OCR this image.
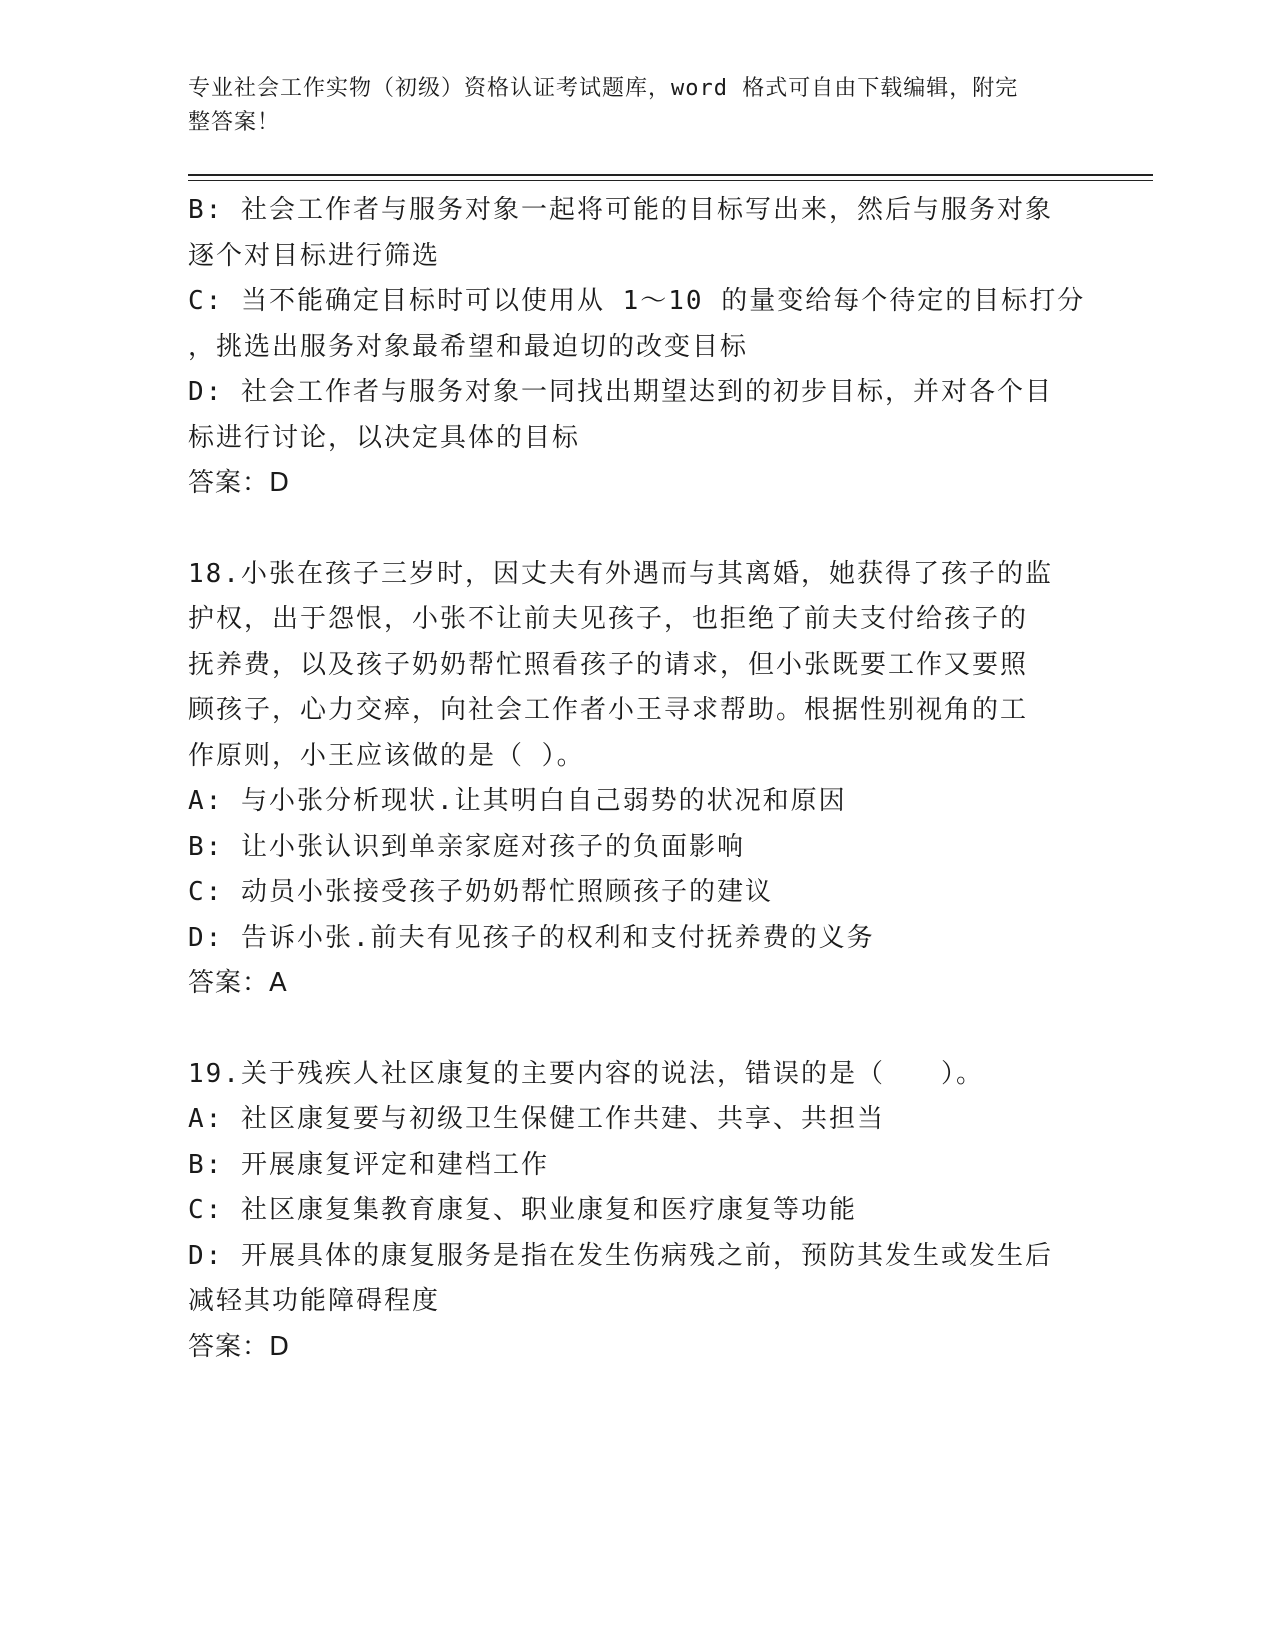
专业社会工作实物（初级）资格认证考试题库，word 格式可自由下载编辑，附完
整答案！
B: 社会工作者与服务对象一起将可能的目标写出来，然后与服务对象
逐个对目标进行筛选
C: 当不能确定目标时可以使用从 1～10 的量变给每个待定的目标打分
，挑选出服务对象最希望和最迫切的改变目标
D: 社会工作者与服务对象一同找出期望达到的初步目标，并对各个目
标进行讨论，以决定具体的目标
答案：D
18.小张在孩子三岁时，因丈夫有外遇而与其离婚，她获得了孩子的监
护权，出于怨恨，小张不让前夫见孩子，也拒绝了前夫支付给孩子的
抚养费，以及孩子奶奶帮忙照看孩子的请求，但小张既要工作又要照
顾孩子，心力交瘁，向社会工作者小王寻求帮助。根据性别视角的工
作原则，小王应该做的是（ ）。
A: 与小张分析现状.让其明白自己弱势的状况和原因
B: 让小张认识到单亲家庭对孩子的负面影响
C: 动员小张接受孩子奶奶帮忙照顾孩子的建议
D: 告诉小张.前夫有见孩子的权利和支付抚养费的义务
答案：A
19.关于残疾人社区康复的主要内容的说法，错误的是（　　）。
A: 社区康复要与初级卫生保健工作共建、共享、共担当
B: 开展康复评定和建档工作
C: 社区康复集教育康复、职业康复和医疗康复等功能
D: 开展具体的康复服务是指在发生伤病残之前，预防其发生或发生后
减轻其功能障碍程度
答案：D
